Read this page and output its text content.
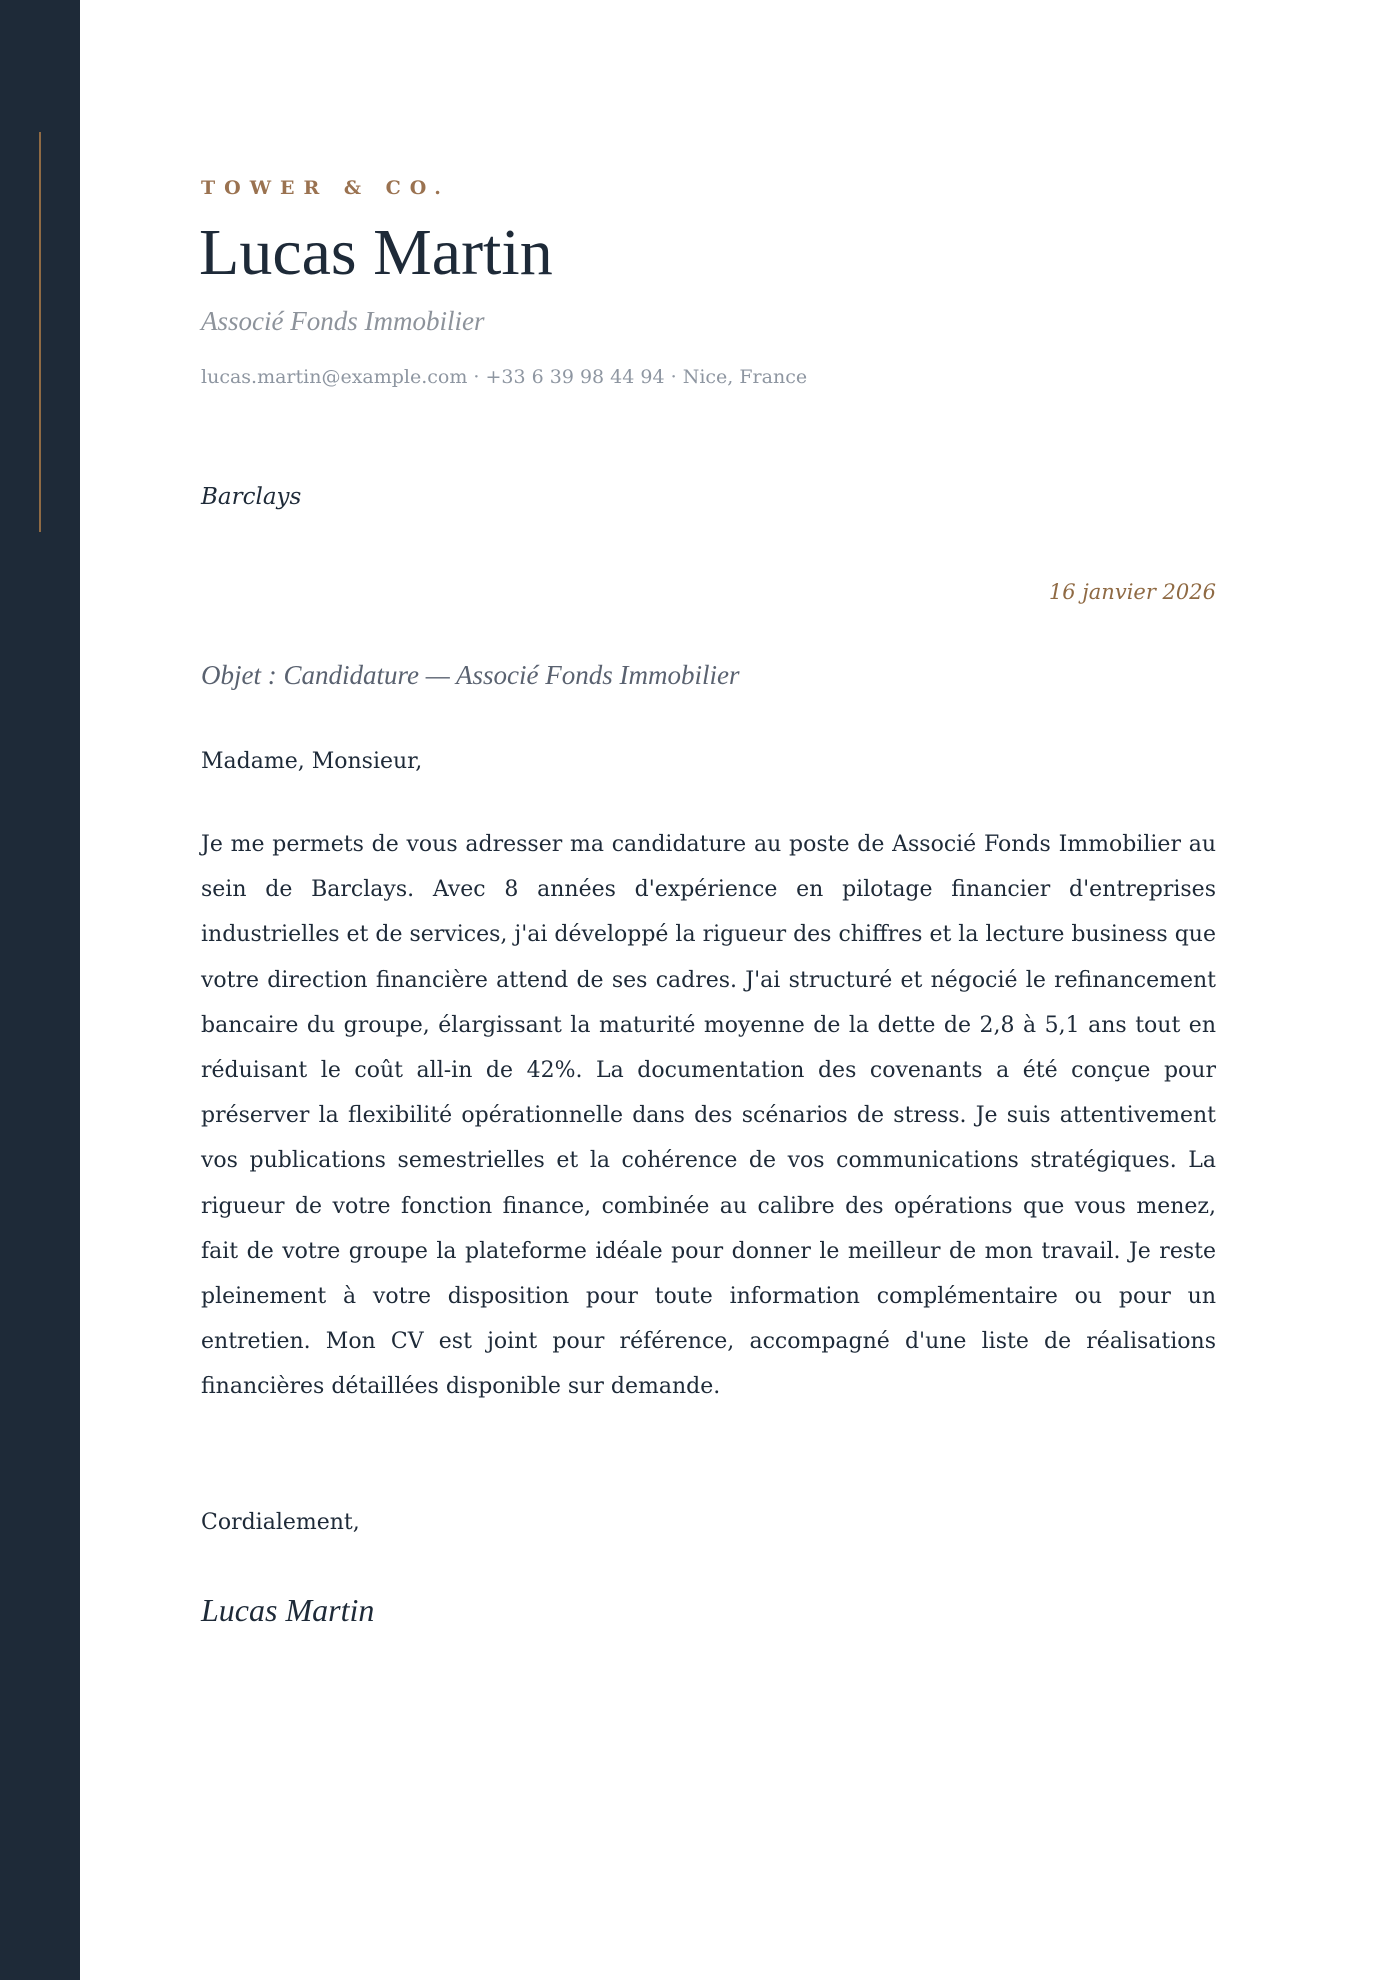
TOWER & CO.
Lucas Martin
Associé Fonds Immobilier
lucas.martin@example.com · +33 6 39 98 44 94 · Nice, France
Barclays
16 janvier 2026
Objet : Candidature — Associé Fonds Immobilier
Madame, Monsieur,

Je me permets de vous adresser ma candidature au poste de Associé Fonds Immobilier au sein de Barclays. Avec 8 années d'expérience en pilotage financier d'entreprises industrielles et de services, j'ai développé la rigueur des chiffres et la lecture business que votre direction financière attend de ses cadres. J'ai structuré et négocié le refinancement bancaire du groupe, élargissant la maturité moyenne de la dette de 2,8 à 5,1 ans tout en réduisant le coût all-in de 42%. La documentation des covenants a été conçue pour préserver la flexibilité opérationnelle dans des scénarios de stress. Je suis attentivement vos publications semestrielles et la cohérence de vos communications stratégiques. La rigueur de votre fonction finance, combinée au calibre des opérations que vous menez, fait de votre groupe la plateforme idéale pour donner le meilleur de mon travail. Je reste pleinement à votre disposition pour toute information complémentaire ou pour un entretien. Mon CV est joint pour référence, accompagné d'une liste de réalisations financières détaillées disponible sur demande.

Cordialement,
Lucas Martin
